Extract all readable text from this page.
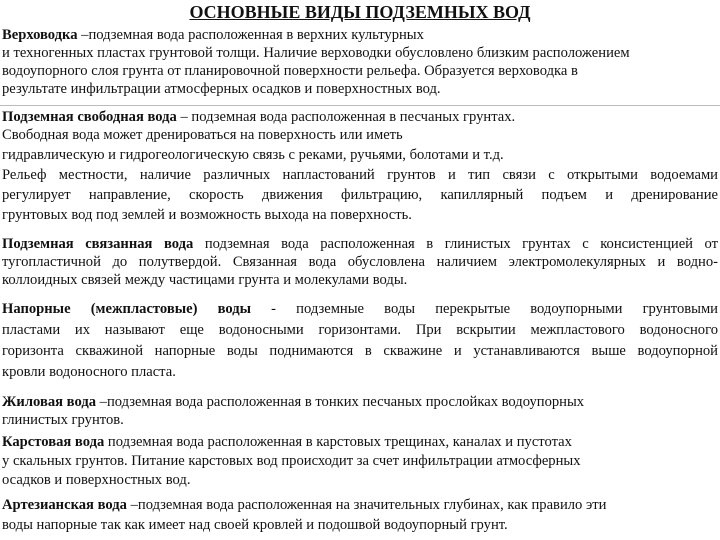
ОСНОВНЫЕ ВИДЫ ПОДЗЕМНЫХ ВОД
Верховодка –подземная вода расположенная в верхних культурных
и техногенных пластах грунтовой толщи. Наличие верховодки обусловлено близким расположением
водоупорного слоя грунта от планировочной поверхности рельефа. Образуется верховодка в
результате инфильтрации атмосферных осадков и поверхностных вод.
Подземная свободная вода – подземная вода расположенная в песчаных грунтах.
Свободная вода может дренироваться на поверхность или иметь
гидравлическую и гидрогеологическую связь с реками, ручьями, болотами и т.д.
Рельеф местности, наличие различных напластований грунтов и тип связи с открытыми водоемами
регулирует направление, скорость движения фильтрацию, капиллярный подъем и дренирование
грунтовых вод под землей и возможность выхода на поверхность.
Подземная связанная вода подземная вода расположенная в глинистых грунтах с консистенцией от
тугопластичной до полутвердой. Связанная вода обусловлена наличием электромолекулярных и водно-
коллоидных связей между частицами грунта и молекулами воды.
Напорные (межпластовые) воды - подземные воды перекрытые водоупорными грунтовыми
пластами их называют еще водоносными горизонтами. При вскрытии межпластового водоносного
горизонта скважиной напорные воды поднимаются в скважине и устанавливаются выше водоупорной
кровли водоносного пласта.
Жиловая вода –подземная вода расположенная в тонких песчаных прослойках водоупорных
глинистых грунтов.
Карстовая вода подземная вода расположенная в карстовых трещинах, каналах и пустотах
у скальных грунтов. Питание карстовых вод происходит за счет инфильтрации атмосферных
осадков и поверхностных вод.
Артезианская вода –подземная вода расположенная на значительных глубинах, как правило эти
воды напорные так как имеет над своей кровлей и подошвой водоупорный грунт.
